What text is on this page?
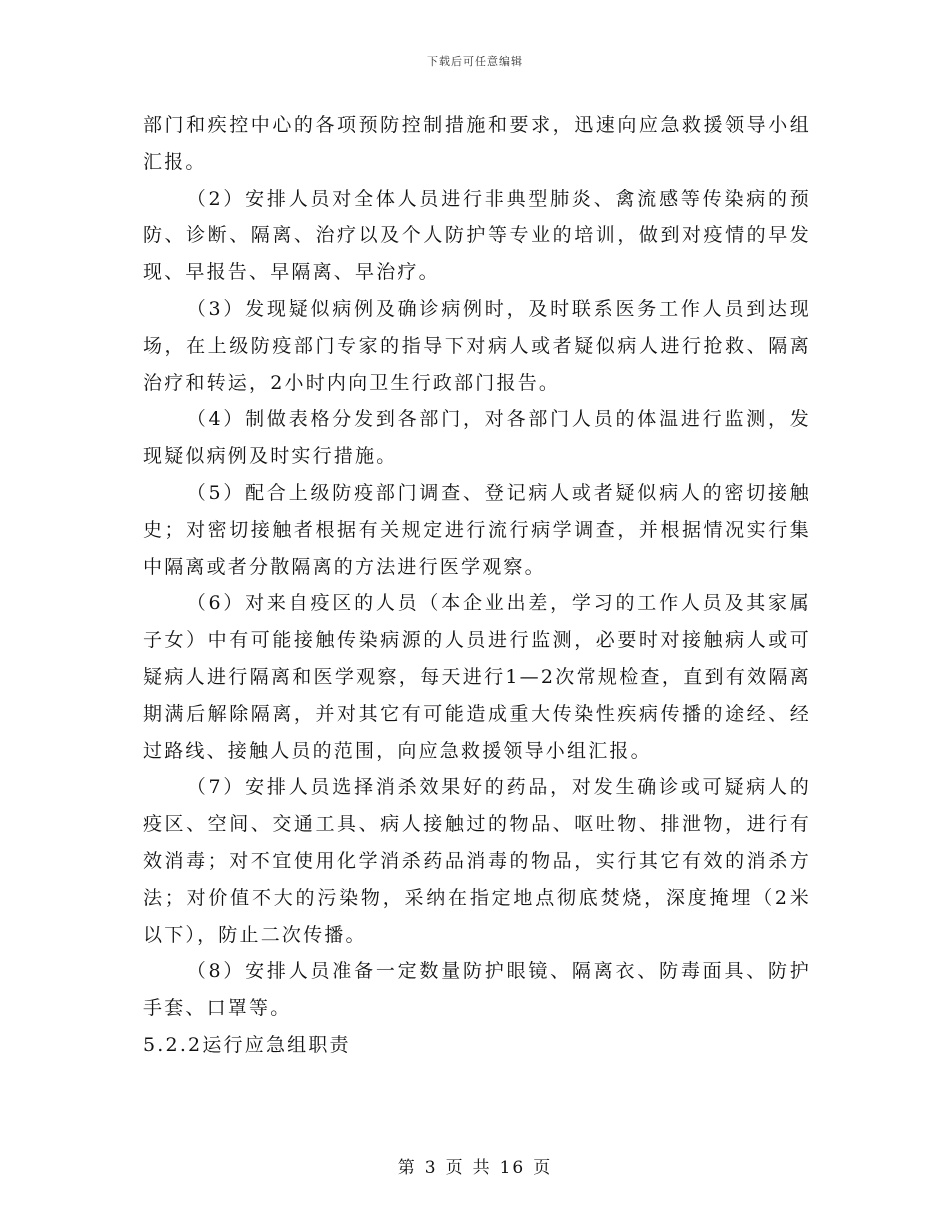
下载后可任意编辑

部门和疾控中心的各项预防控制措施和要求，迅速向应急救援领导小组汇报。

（2）安排人员对全体人员进行非典型肺炎、禽流感等传染病的预防、诊断、隔离、治疗以及个人防护等专业的培训，做到对疫情的早发现、早报告、早隔离、早治疗。

（3）发现疑似病例及确诊病例时，及时联系医务工作人员到达现场，在上级防疫部门专家的指导下对病人或者疑似病人进行抢救、隔离治疗和转运，2小时内向卫生行政部门报告。

（4）制做表格分发到各部门，对各部门人员的体温进行监测，发现疑似病例及时实行措施。

（5）配合上级防疫部门调查、登记病人或者疑似病人的密切接触史；对密切接触者根据有关规定进行流行病学调查，并根据情况实行集中隔离或者分散隔离的方法进行医学观察。

（6）对来自疫区的人员（本企业出差，学习的工作人员及其家属子女）中有可能接触传染病源的人员进行监测，必要时对接触病人或可疑病人进行隔离和医学观察，每天进行1—2次常规检查，直到有效隔离期满后解除隔离，并对其它有可能造成重大传染性疾病传播的途经、经过路线、接触人员的范围，向应急救援领导小组汇报。

（7）安排人员选择消杀效果好的药品，对发生确诊或可疑病人的疫区、空间、交通工具、病人接触过的物品、呕吐物、排泄物，进行有效消毒；对不宜使用化学消杀药品消毒的物品，实行其它有效的消杀方法；对价值不大的污染物，采纳在指定地点彻底焚烧，深度掩埋（2米以下），防止二次传播。

（8）安排人员准备一定数量防护眼镜、隔离衣、防毒面具、防护手套、口罩等。

5.2.2运行应急组职责

第 3 页 共 16 页
